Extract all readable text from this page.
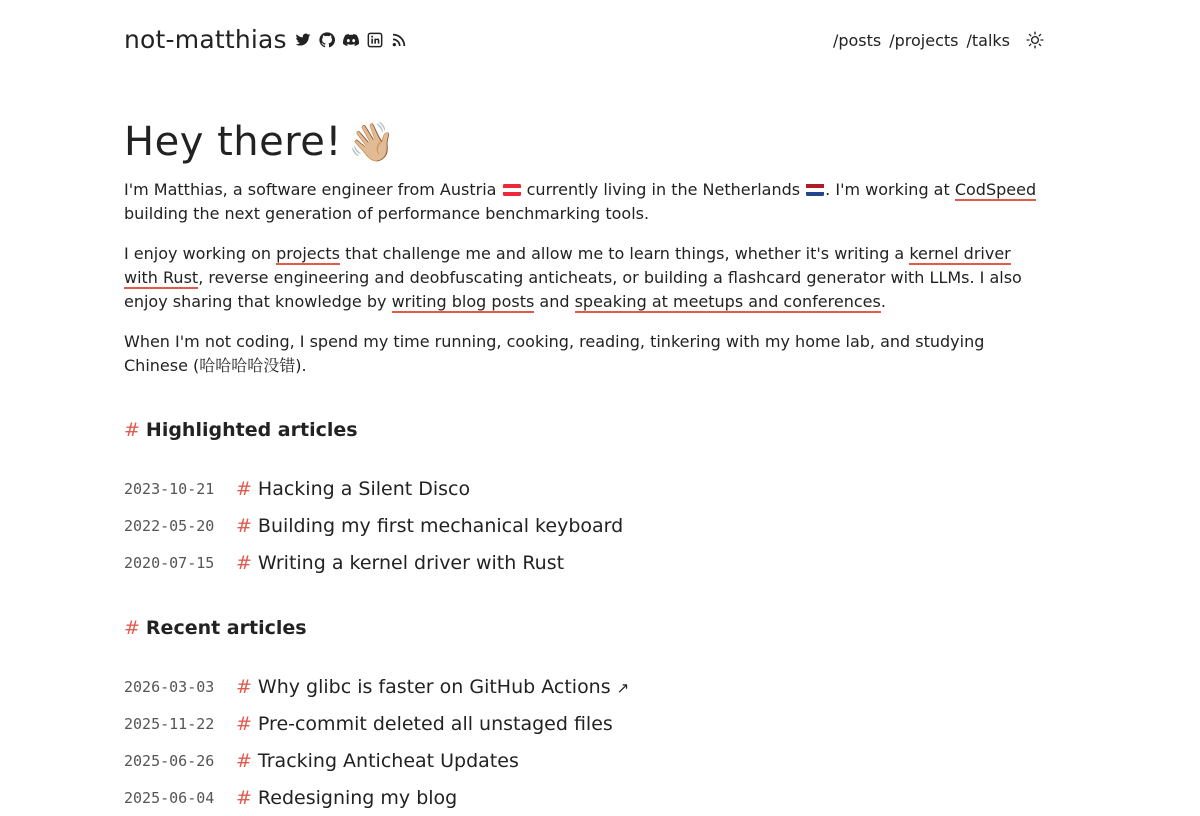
not-matthias	/posts /projects /talks
Hey there! 👋🏼

I'm Matthias, a software engineer from Austria  currently living in the Netherlands . I'm working at CodSpeed building the next generation of performance benchmarking tools.

I enjoy working on projects that challenge me and allow me to learn things, whether it's writing a kernel driver with Rust, reverse engineering and deobfuscating anticheats, or building a flashcard generator with LLMs. I also enjoy sharing that knowledge by writing blog posts and speaking at meetups and conferences.

When I'm not coding, I spend my time running, cooking, reading, tinkering with my home lab, and studying Chinese (哈哈哈哈没错).

# Highlighted articles
2023-10-21	# Hacking a Silent Disco
2022-05-20	# Building my first mechanical keyboard
2020-07-15	# Writing a kernel driver with Rust
# Recent articles
2026-03-03	# Why glibc is faster on GitHub Actions ↗
2025-11-22	# Pre-commit deleted all unstaged files
2025-06-26	# Tracking Anticheat Updates
2025-06-04	# Redesigning my blog
